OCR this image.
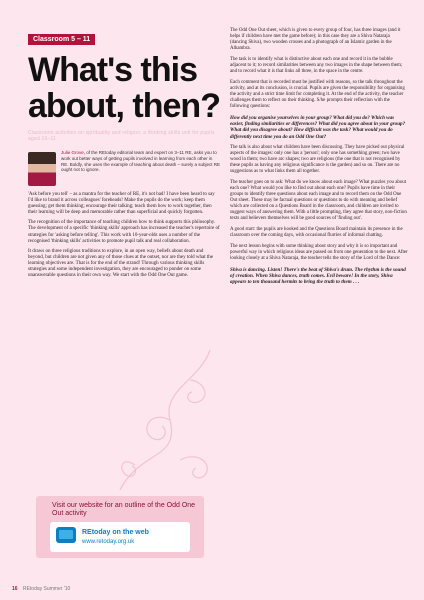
Classroom 5 – 11
What's this about, then?
Classroom activities on spirituality and religion: a thinking skills unit for pupils aged 10–11

Julie Grove, of the REtoday editorial team and expert on 3–11 RE, asks you to work out better ways of getting pupils involved in learning from each other in RE. Boldly, she uses the example of teaching about death – surely a subject RE ought not to ignore.

'Ask before you tell' – as a mantra for the teacher of RE, it's not bad! I have been heard to say I'd like to brand it across colleagues' foreheads! Make the pupils do the work; keep them guessing; get them thinking; encourage their talking; teach them how to work together, then their learning will be deep and memorable rather than superficial and quickly forgotten.

The recognition of the importance of teaching children how to think supports this philosophy. The development of a specific 'thinking skills' approach has increased the teacher's repertoire of strategies for 'asking before telling'. This work with 10-year-olds uses a number of the recognised 'thinking skills' activities to promote pupil talk and real collaboration.

It draws on three religious traditions to explore, in an open way, beliefs about death and beyond, but children are not given any of those clues at the outset, nor are they told what the learning objectives are. That is for the end of the strand! Through various thinking skills strategies and some independent investigation, they are encouraged to ponder on some unanswerable questions in their own way. We start with the Odd One Out game.

Visit our website for an outline of the Odd One Out activity
REtoday on the web
www.retoday.org.uk

The Odd One Out sheet, which is given to every group of four, has three images (and it helps if children have met the game before); in this case they are a Shiva Nataraja (dancing Shiva), two wooden crosses and a photograph of an Islamic garden in the Alhambra.

The task is to identify what is distinctive about each one and record it in the bubble adjacent to it; to record similarities between any two images in the shape between them; and to record what it is that links all three, in the space in the centre.

Each comment that is recorded must be justified with reasons, so the talk throughout the activity, and at its conclusion, is crucial. Pupils are given the responsibility for organising the activity and a strict time limit for completing it. At the end of the activity, the teacher challenges them to reflect on their thinking. S/he prompts their reflection with the following questions:

How did you organise yourselves in your group? What did you do? Which was easier, finding similarities or differences? What did you agree about in your group? What did you disagree about? How difficult was the task? What would you do differently next time you do an Odd One Out?

The talk is also about what children have been discussing. They have picked out physical aspects of the images: only one has a 'person'; only one has something green; two have wood in them; two have arc shapes; two are religious (the one that is not recognised by these pupils as having any religious significance is the garden) and so on. There are no suggestions as to what links them all together.

The teacher goes on to ask: What do we know about each image? What puzzles you about each one? What would you like to find out about each one? Pupils have time in their groups to identify three questions about each image and to record them on the Odd One Out sheet. These may be factual questions or questions to do with meaning and belief which are collected on a Questions Board in the classroom, and children are invited to suggest ways of answering them. With a little prompting, they agree that story, non-fiction texts and believers themselves will be good sources of 'finding out'.

A good start: the pupils are hooked and the Questions Board maintain its presence in the classroom over the coming days, with occasional flurries of informal chatting.

The next lesson begins with some thinking about story and why it is so important and powerful way in which religious ideas are passed on from one generation to the next. After looking closely at a Shiva Nataraja, the teacher tells the story of the Lord of the Dance:

Shiva is dancing. Listen! There's the beat of Shiva's drum. The rhythm is the sound of creation. When Shiva dances, truth comes. Evil beware! In the story, Shiva appears to ten thousand hermits to bring the truth to them . . .

16 REtoday Summer '10
